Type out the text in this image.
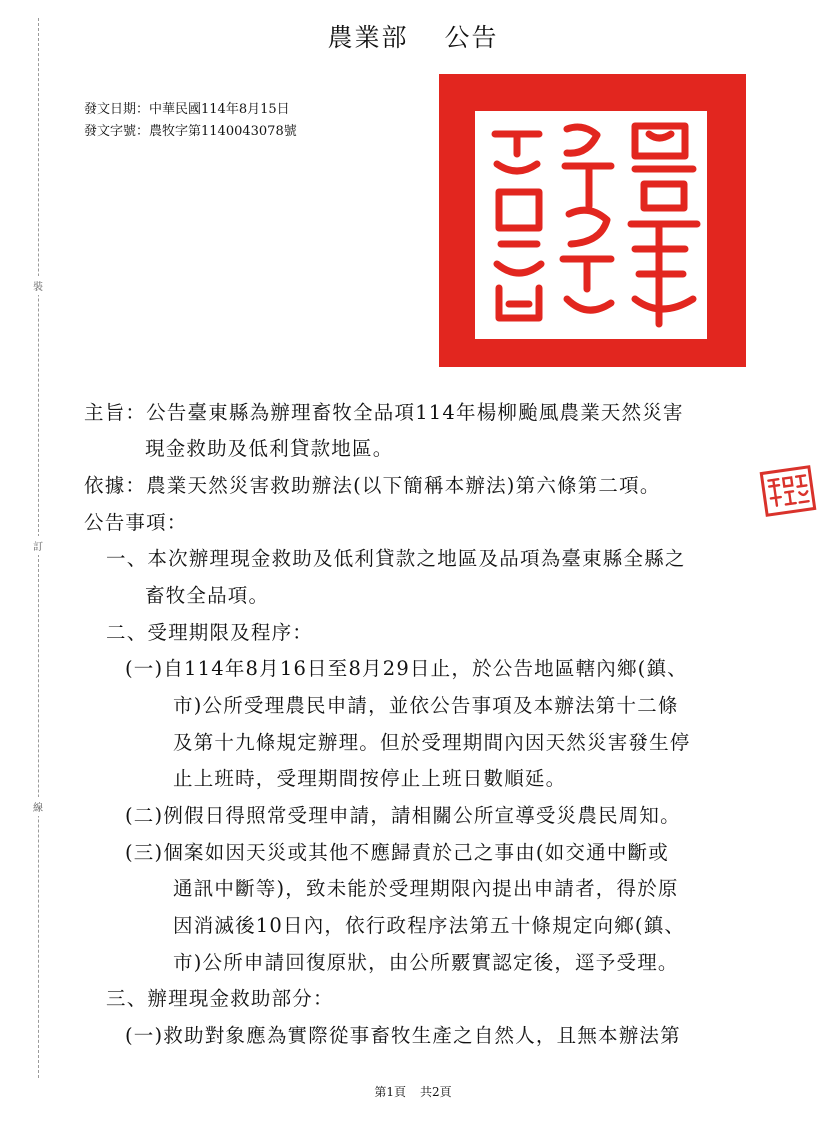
裝
訂
線
農業部 公告
發文日期：中華民國114年8月15日
發文字號：農牧字第1140043078號
主旨：公告臺東縣為辦理畜牧全品項114年楊柳颱風農業天然災害
現金救助及低利貸款地區。
依據：農業天然災害救助辦法(以下簡稱本辦法)第六條第二項。
公告事項：
一、本次辦理現金救助及低利貸款之地區及品項為臺東縣全縣之
畜牧全品項。
二、受理期限及程序：
(一)自114年8月16日至8月29日止，於公告地區轄內鄉(鎮、
市)公所受理農民申請，並依公告事項及本辦法第十二條
及第十九條規定辦理。但於受理期間內因天然災害發生停
止上班時，受理期間按停止上班日數順延。
(二)例假日得照常受理申請，請相關公所宣導受災農民周知。
(三)個案如因天災或其他不應歸責於己之事由(如交通中斷或
通訊中斷等)，致未能於受理期限內提出申請者，得於原
因消滅後10日內，依行政程序法第五十條規定向鄉(鎮、
市)公所申請回復原狀，由公所覈實認定後，逕予受理。
三、辦理現金救助部分：
(一)救助對象應為實際從事畜牧生產之自然人，且無本辦法第
第1頁 共2頁
